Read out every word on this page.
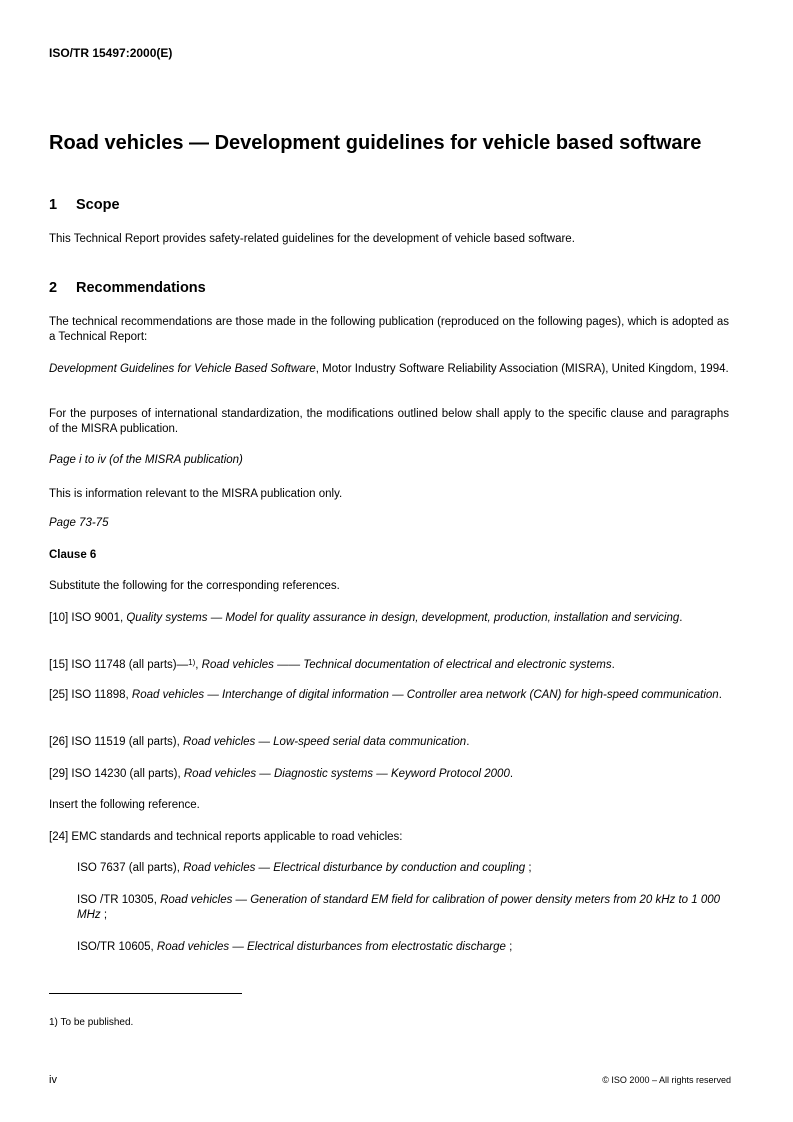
ISO/TR 15497:2000(E)
Road vehicles — Development guidelines for vehicle based software
1 Scope
This Technical Report provides safety-related guidelines for the development of vehicle based software.
2 Recommendations
The technical recommendations are those made in the following publication (reproduced on the following pages), which is adopted as a Technical Report:
Development Guidelines for Vehicle Based Software, Motor Industry Software Reliability Association (MISRA), United Kingdom, 1994.
For the purposes of international standardization, the modifications outlined below shall apply to the specific clause and paragraphs of the MISRA publication.
Page i to iv (of the MISRA publication)
This is information relevant to the MISRA publication only.
Page 73-75
Clause 6
Substitute the following for the corresponding references.
[10] ISO 9001, Quality systems — Model for quality assurance in design, development, production, installation and servicing.
[15] ISO 11748 (all parts)—$^{1)}$, Road vehicles —— Technical documentation of electrical and electronic systems.
[25] ISO 11898, Road vehicles — Interchange of digital information — Controller area network (CAN) for high-speed communication.
[26] ISO 11519 (all parts), Road vehicles — Low-speed serial data communication.
[29] ISO 14230 (all parts), Road vehicles — Diagnostic systems — Keyword Protocol 2000.
Insert the following reference.
[24] EMC standards and technical reports applicable to road vehicles:
ISO 7637 (all parts), Road vehicles — Electrical disturbance by conduction and coupling ;
ISO /TR 10305, Road vehicles — Generation of standard EM field for calibration of power density meters from 20 kHz to 1 000 MHz ;
ISO/TR 10605, Road vehicles — Electrical disturbances from electrostatic discharge ;
1) To be published.
iv	© ISO 2000 – All rights reserved
